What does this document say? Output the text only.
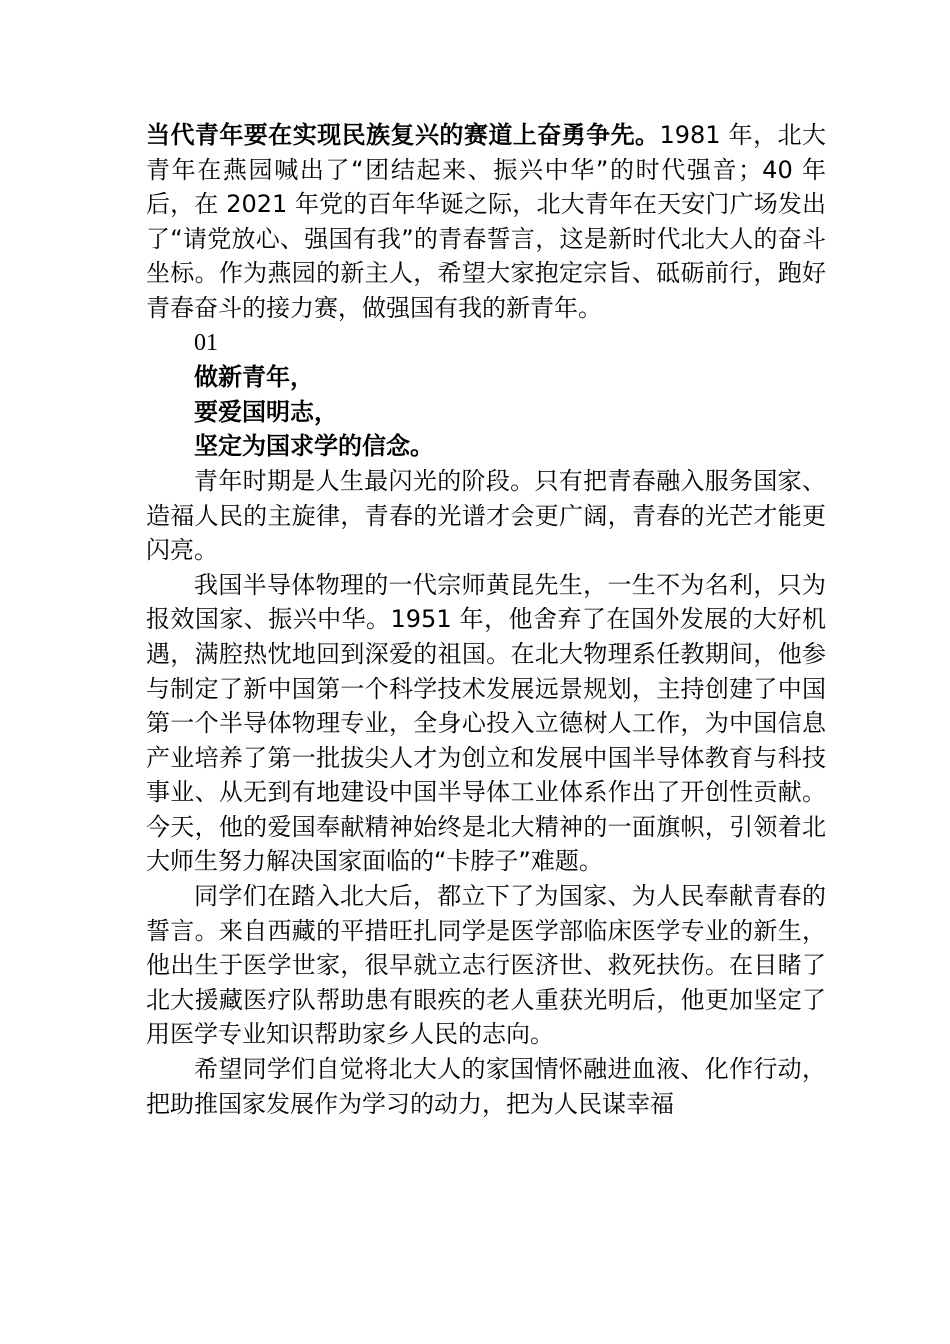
当代青年要在实现民族复兴的赛道上奋勇争先。1981 年，北大青年在燕园喊出了“团结起来、振兴中华”的时代强音；40 年后，在 2021 年党的百年华诞之际，北大青年在天安门广场发出了“请党放心、强国有我”的青春誓言，这是新时代北大人的奋斗坐标。作为燕园的新主人，希望大家抱定宗旨、砥砺前行，跑好青春奋斗的接力赛，做强国有我的新青年。

01
做新青年，
要爱国明志，
坚定为国求学的信念。

青年时期是人生最闪光的阶段。只有把青春融入服务国家、造福人民的主旋律，青春的光谱才会更广阔，青春的光芒才能更闪亮。

我国半导体物理的一代宗师黄昆先生，一生不为名利，只为报效国家、振兴中华。1951 年，他舍弃了在国外发展的大好机遇，满腔热忱地回到深爱的祖国。在北大物理系任教期间，他参与制定了新中国第一个科学技术发展远景规划，主持创建了中国第一个半导体物理专业，全身心投入立德树人工作，为中国信息产业培养了第一批拔尖人才为创立和发展中国半导体教育与科技事业、从无到有地建设中国半导体工业体系作出了开创性贡献。今天，他的爱国奉献精神始终是北大精神的一面旗帜，引领着北大师生努力解决国家面临的“卡脖子”难题。

同学们在踏入北大后，都立下了为国家、为人民奉献青春的誓言。来自西藏的平措旺扎同学是医学部临床医学专业的新生，他出生于医学世家，很早就立志行医济世、救死扶伤。在目睹了北大援藏医疗队帮助患有眼疾的老人重获光明后，他更加坚定了用医学专业知识帮助家乡人民的志向。

希望同学们自觉将北大人的家国情怀融进血液、化作行动，把助推国家发展作为学习的动力，把为人民谋幸福
